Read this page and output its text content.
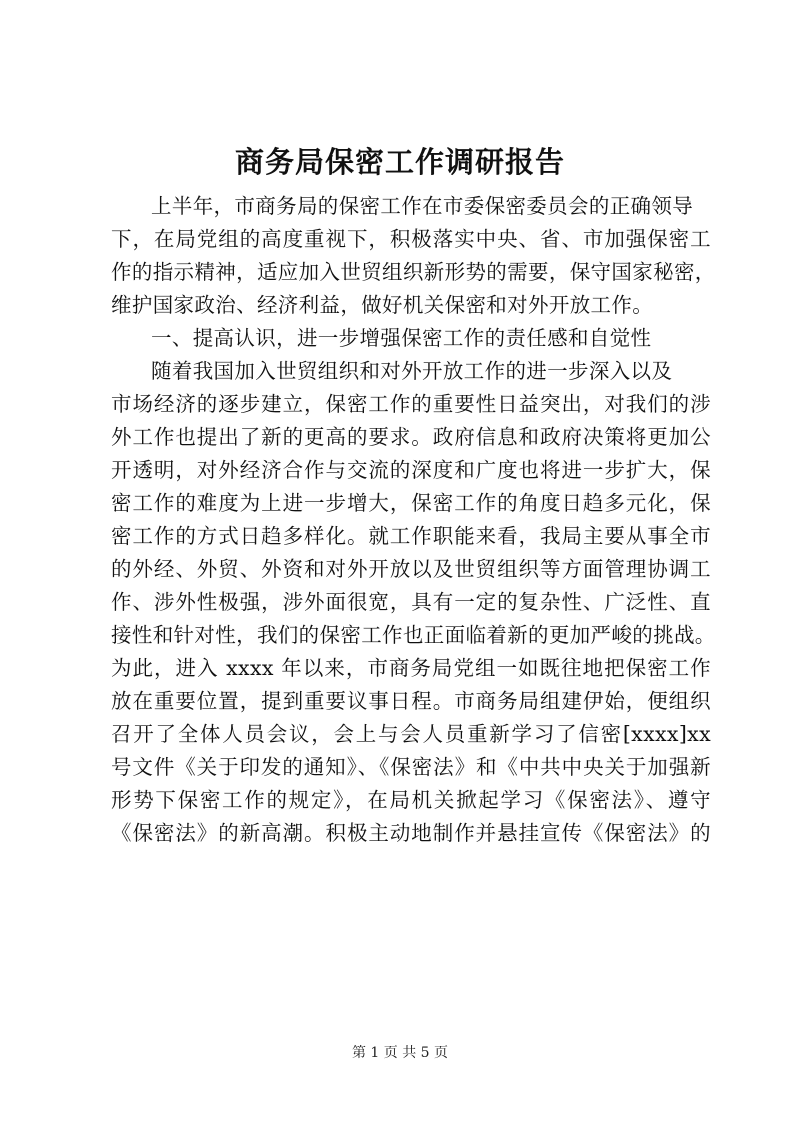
商务局保密工作调研报告
上半年，市商务局的保密工作在市委保密委员会的正确领导
下，在局党组的高度重视下，积极落实中央、省、市加强保密工
作的指示精神，适应加入世贸组织新形势的需要，保守国家秘密，
维护国家政治、经济利益，做好机关保密和对外开放工作。
一、提高认识，进一步增强保密工作的责任感和自觉性
随着我国加入世贸组织和对外开放工作的进一步深入以及
市场经济的逐步建立，保密工作的重要性日益突出，对我们的涉
外工作也提出了新的更高的要求。政府信息和政府决策将更加公
开透明，对外经济合作与交流的深度和广度也将进一步扩大，保
密工作的难度为上进一步增大，保密工作的角度日趋多元化，保
密工作的方式日趋多样化。就工作职能来看，我局主要从事全市
的外经、外贸、外资和对外开放以及世贸组织等方面管理协调工
作、涉外性极强，涉外面很宽，具有一定的复杂性、广泛性、直
接性和针对性，我们的保密工作也正面临着新的更加严峻的挑战。
为此，进入 xxxx 年以来，市商务局党组一如既往地把保密工作
放在重要位置，提到重要议事日程。市商务局组建伊始，便组织
召开了全体人员会议，会上与会人员重新学习了信密[xxxx]xx
号文件《关于印发的通知》、《保密法》和《中共中央关于加强新
形势下保密工作的规定》，在局机关掀起学习《保密法》、遵守
《保密法》的新高潮。积极主动地制作并悬挂宣传《保密法》的
第 1 页 共 5 页
